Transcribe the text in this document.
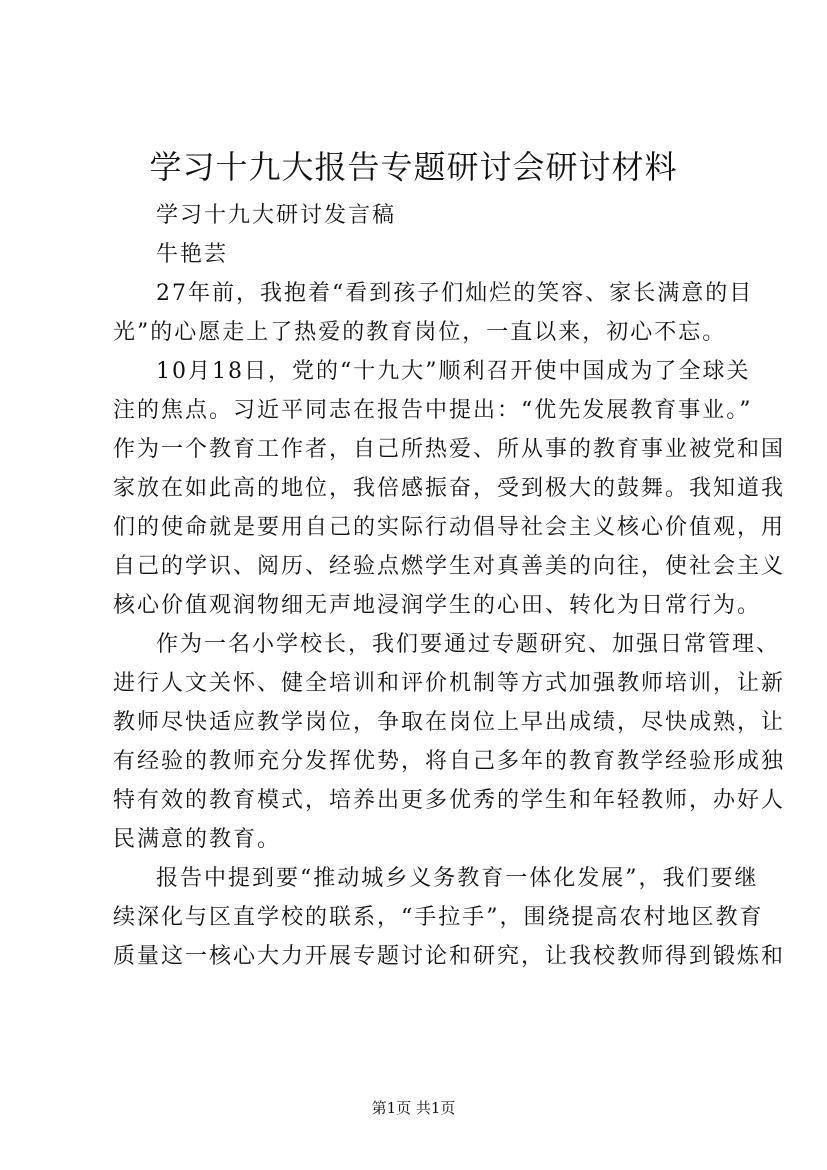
学习十九大报告专题研讨会研讨材料
学习十九大研讨发言稿
牛艳芸
27年前，我抱着“看到孩子们灿烂的笑容、家长满意的目
光”的心愿走上了热爱的教育岗位，一直以来，初心不忘。
10月18日，党的“十九大”顺利召开使中国成为了全球关
注的焦点。习近平同志在报告中提出：“优先发展教育事业。”
作为一个教育工作者，自己所热爱、所从事的教育事业被党和国
家放在如此高的地位，我倍感振奋，受到极大的鼓舞。我知道我
们的使命就是要用自己的实际行动倡导社会主义核心价值观，用
自己的学识、阅历、经验点燃学生对真善美的向往，使社会主义
核心价值观润物细无声地浸润学生的心田、转化为日常行为。
作为一名小学校长，我们要通过专题研究、加强日常管理、
进行人文关怀、健全培训和评价机制等方式加强教师培训，让新
教师尽快适应教学岗位，争取在岗位上早出成绩，尽快成熟，让
有经验的教师充分发挥优势，将自己多年的教育教学经验形成独
特有效的教育模式，培养出更多优秀的学生和年轻教师，办好人
民满意的教育。
报告中提到要“推动城乡义务教育一体化发展”，我们要继
续深化与区直学校的联系，“手拉手”，围绕提高农村地区教育
质量这一核心大力开展专题讨论和研究，让我校教师得到锻炼和
第1页 共1页
